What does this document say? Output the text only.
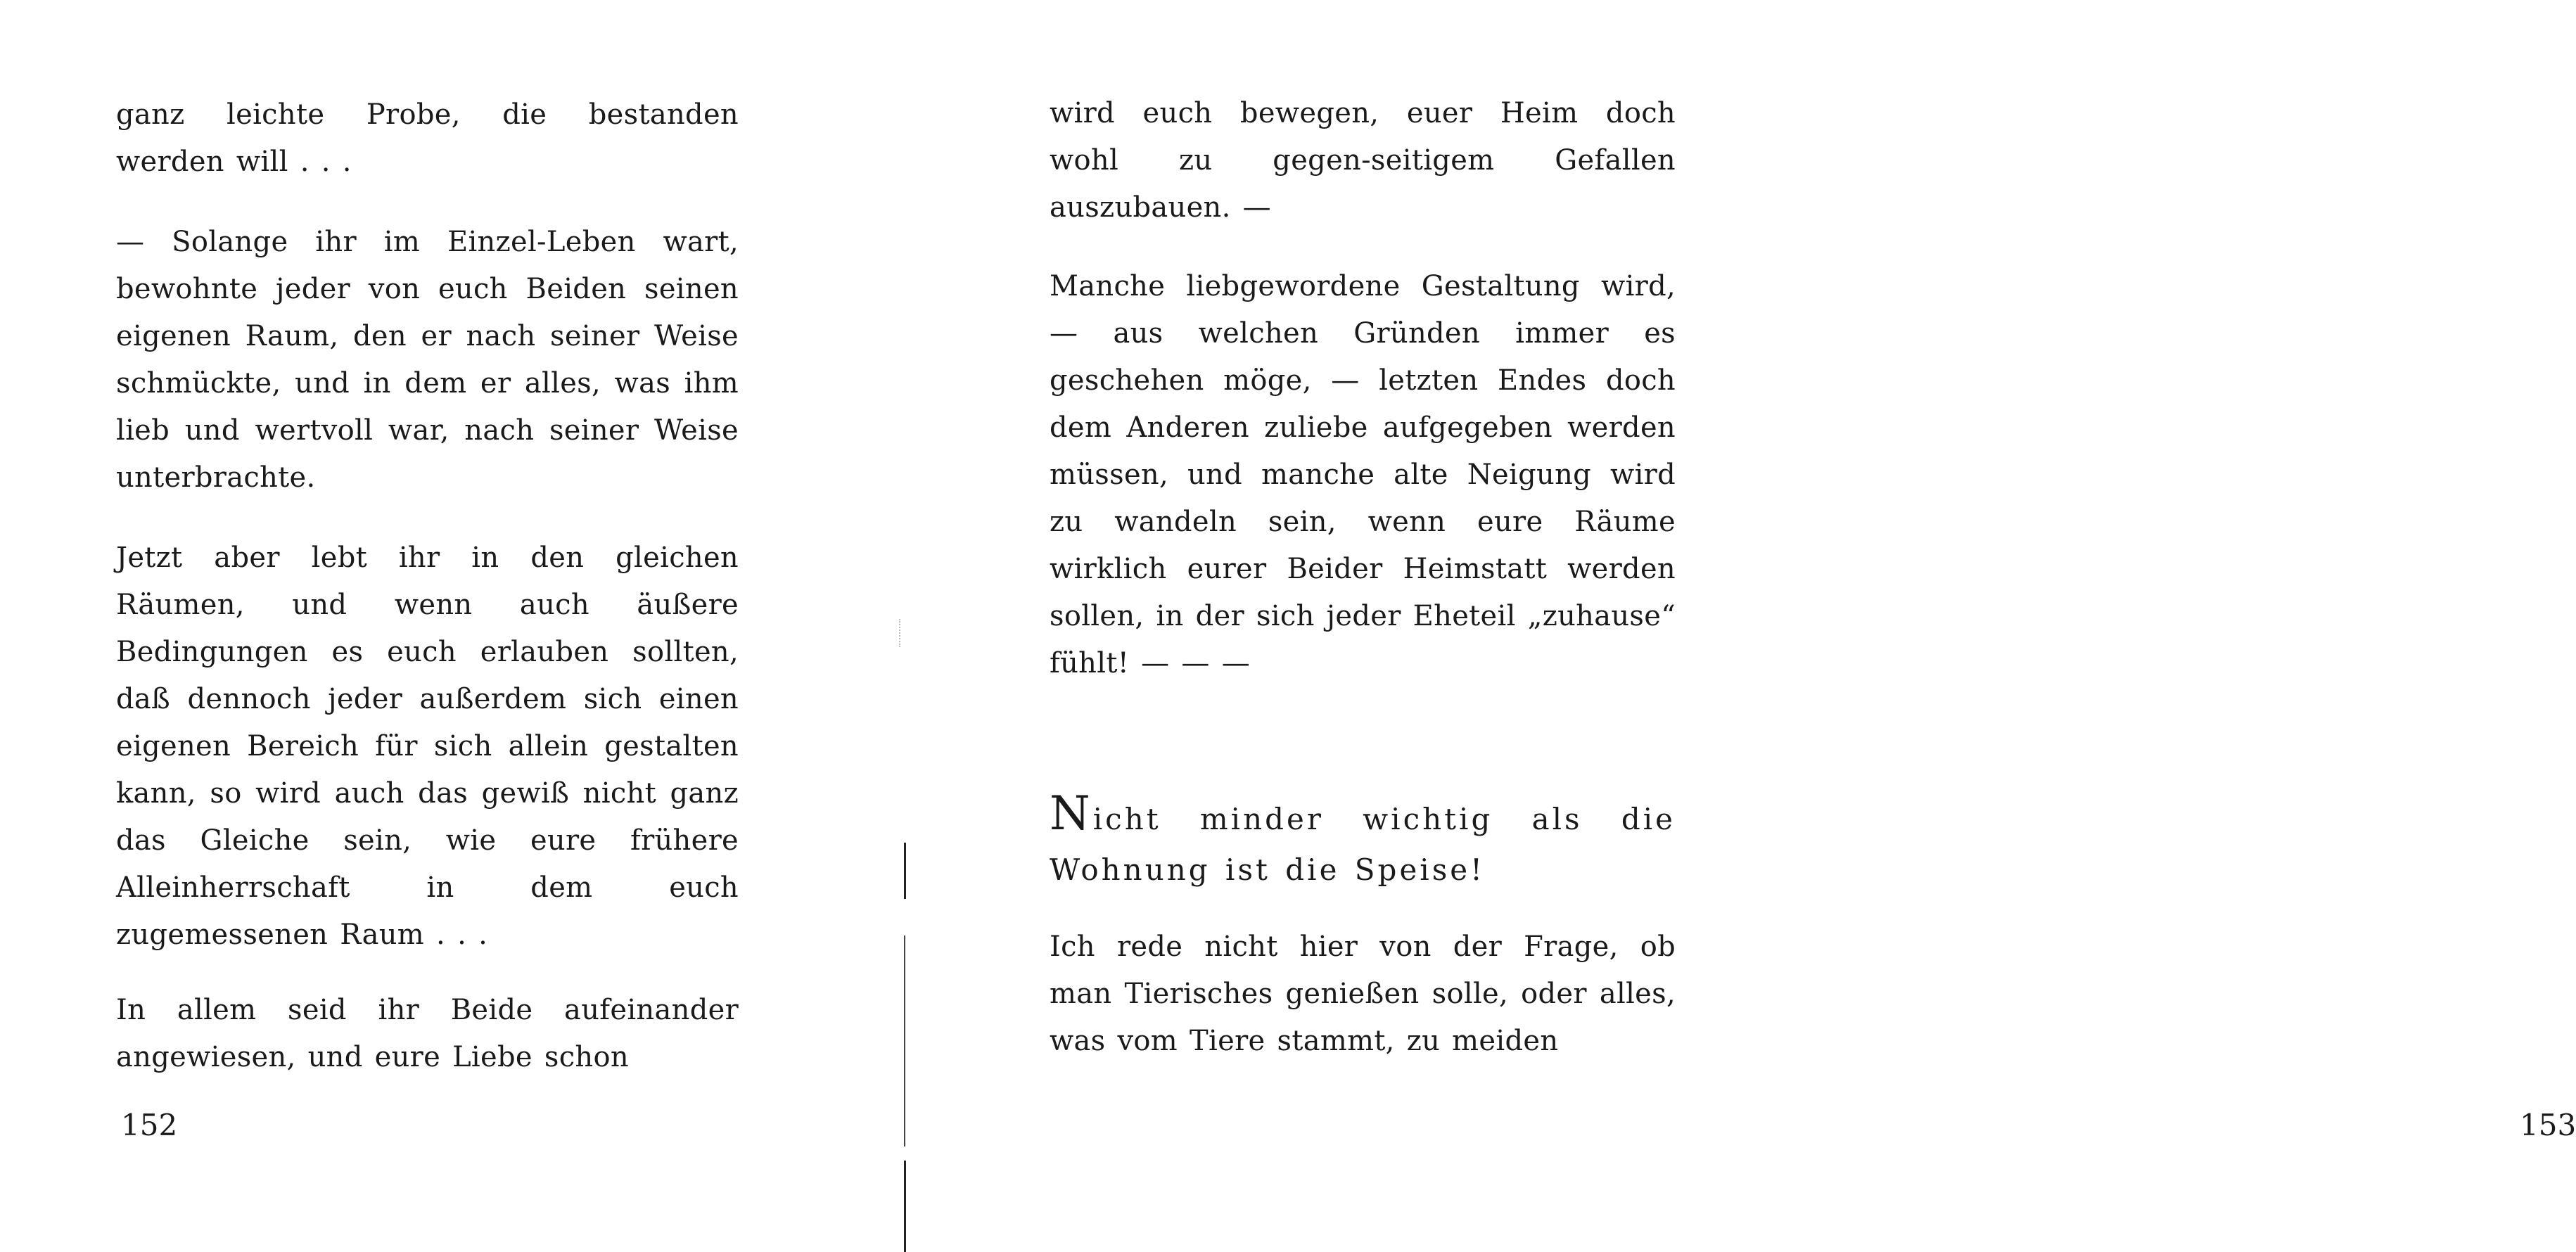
ganz leichte Probe, die bestanden werden will . . .

— Solange ihr im Einzel-Leben wart, bewohnte jeder von euch Beiden seinen eigenen Raum, den er nach seiner Weise schmückte, und in dem er alles, was ihm lieb und wertvoll war, nach seiner Weise unterbrachte.

Jetzt aber lebt ihr in den gleichen Räumen, und wenn auch äußere Bedingungen es euch erlauben sollten, daß dennoch jeder außerdem sich einen eigenen Bereich für sich allein gestalten kann, so wird auch das gewiß nicht ganz das Gleiche sein, wie eure frühere Alleinherrschaft in dem euch zugemessenen Raum . . .

In allem seid ihr Beide aufeinander angewiesen, und eure Liebe schon

152

wird euch bewegen, euer Heim doch wohl zu gegen-seitigem Gefallen auszubauen. —

Manche liebgewordene Gestaltung wird, — aus welchen Gründen immer es geschehen möge, — letzten Endes doch dem Anderen zuliebe aufgegeben werden müssen, und manche alte Neigung wird zu wandeln sein, wenn eure Räume wirklich eurer Beider Heimstatt werden sollen, in der sich jeder Eheteil „zuhause“ fühlt! — — —

Nicht minder wichtig als die Wohnung ist die Speise!

Ich rede nicht hier von der Frage, ob man Tierisches genießen solle, oder alles, was vom Tiere stammt, zu meiden

153
